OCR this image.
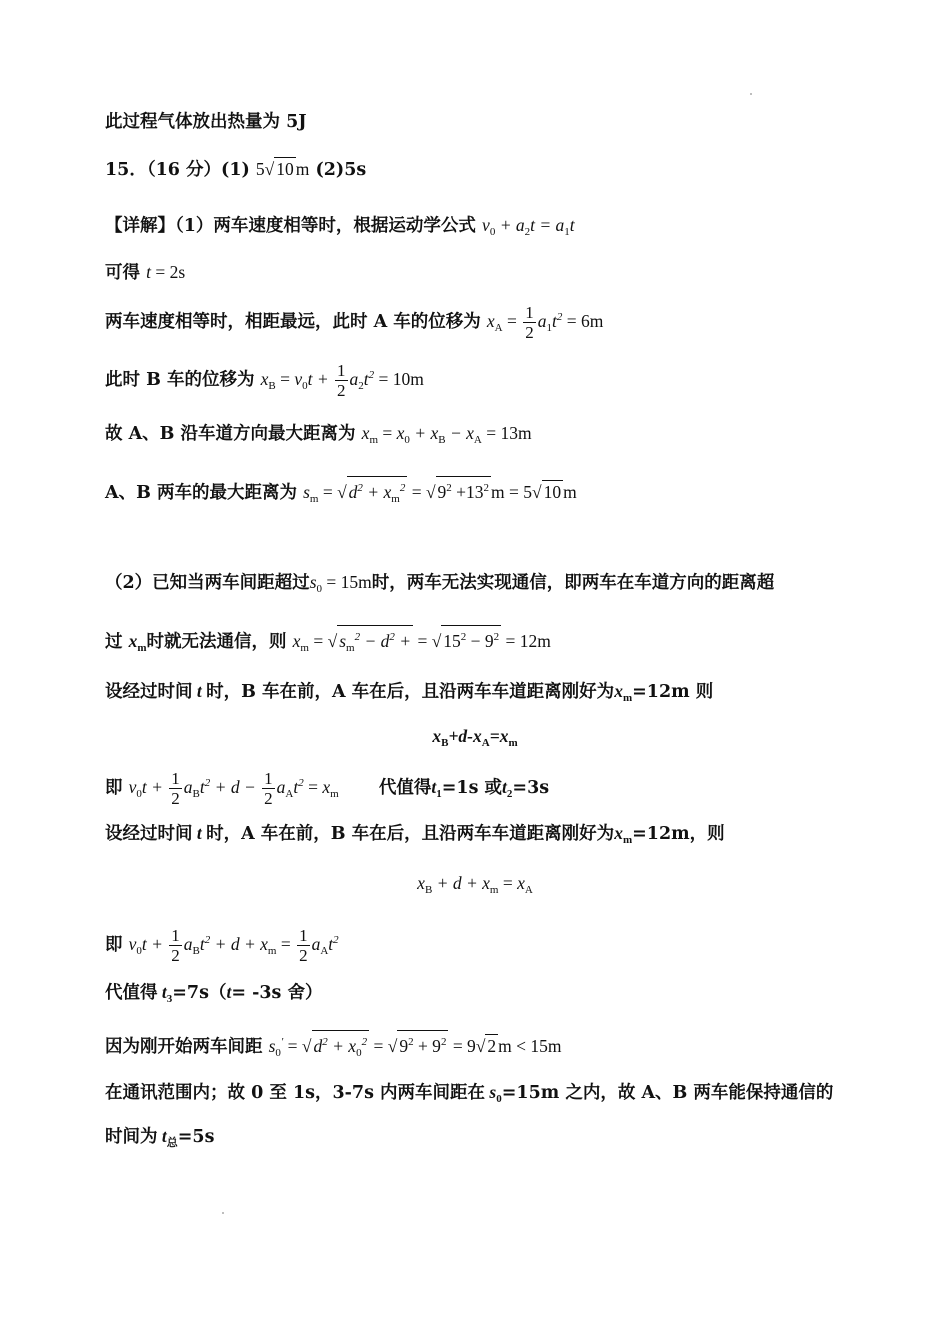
此过程气体放出热量为 5J
15．（16 分）(1) 5√ 10 m (2)5s
【详解】（1）两车速度相等时，根据运动学公式 $v_0 + a_2t = a_1t$
可得 t = 2s
两车速度相等时，相距最远，此时 A 车的位移为 $x_A = \frac{1}{2} a_1t^2 = 6m$
此时 B 车的位移为 $x_B = v_0t + \frac{1}{2} a_2t^2 = 10m$
故 A、B 沿车道方向最大距离为 $x_m = x_0 + x_B - x_A = 13m$
A、B 两车的最大距离为 $s_m$ = √ $d^2 + x_m^2$ = √ $9^2 +13^2$ m = 5√ 10 m
（2）已知当两车间距超过$s_0 = 15m$时，两车无法实现通信，即两车在车道方向的距离超
过 $x_m$时就无法通信，则 $x_m$ = √ $s_m^2 - d^2$ + = √ $15^2 - 9^2 = 12m$
设经过时间 t 时，B 车在前，A 车在后，且沿两车车道距离刚好为$x_m=12m$ 则
$x_B+d-x_A=x_m$
即 $v_0t + \frac{1}{2} a_Bt^2 + d - \frac{1}{2} a_At^2 = x_m$ 代值得$t_1=1s$ 或$t_2=3s$
设经过时间 t 时，A 车在前，B 车在后，且沿两车车道距离刚好为$x_m=12m$，则
$x_B + d + x_m = x_A$
即 $v_0t + \frac{1}{2} a_Bt^2 + d + x_m = \frac{1}{2} a_At^2$
代值得 $t_3=7s(t= -3s$ 舍）
因为刚开始两车间距 $s_0'$ = √ $d^2 + x_0^2$ = √ $9^2 + 9^2 = 9√$ 2 m < 15m
在通讯范围内；故 0 至 1s，3-7s 内两车间距在 $s_0=15m$ 之内，故 A、B 两车能保持通信的
时间为 $t_总=5s$
